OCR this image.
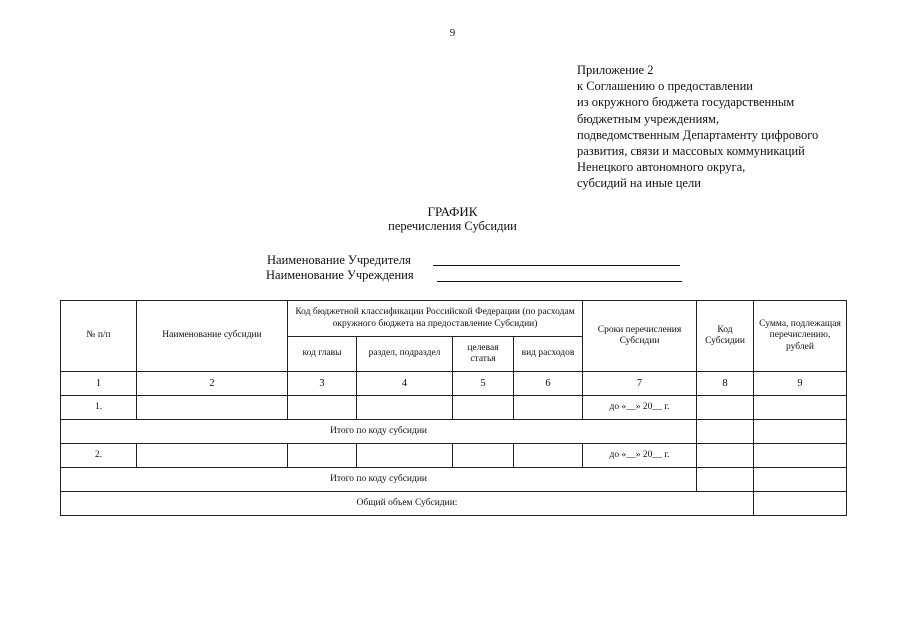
9
Приложение 2
к Соглашению о предоставлении
из окружного бюджета государственным
бюджетным учреждениям,
подведомственным Департаменту цифрового
развития, связи и массовых коммуникаций
Ненецкого автономного округа,
субсидий на иные цели
ГРАФИК
перечисления Субсидии
Наименование Учредителя
Наименование Учреждения
№ п/п	Наименование субсидии	Код бюджетной классификации Российской Федерации (по расходам окружного бюджета на предоставление Субсидии)				Сроки перечисления Субсидии	Код Субсидии	Сумма, подлежащая перечислению, рублей
		код главы	раздел, подраздел	целевая статья	вид расходов			
1	2	3	4	5	6	7	8	9
1.						до «__» 20__ г.		
Итого по коду субсидии								
2.						до «__» 20__ г.		
Итого по коду субсидии								
Общий объем Субсидии:								
